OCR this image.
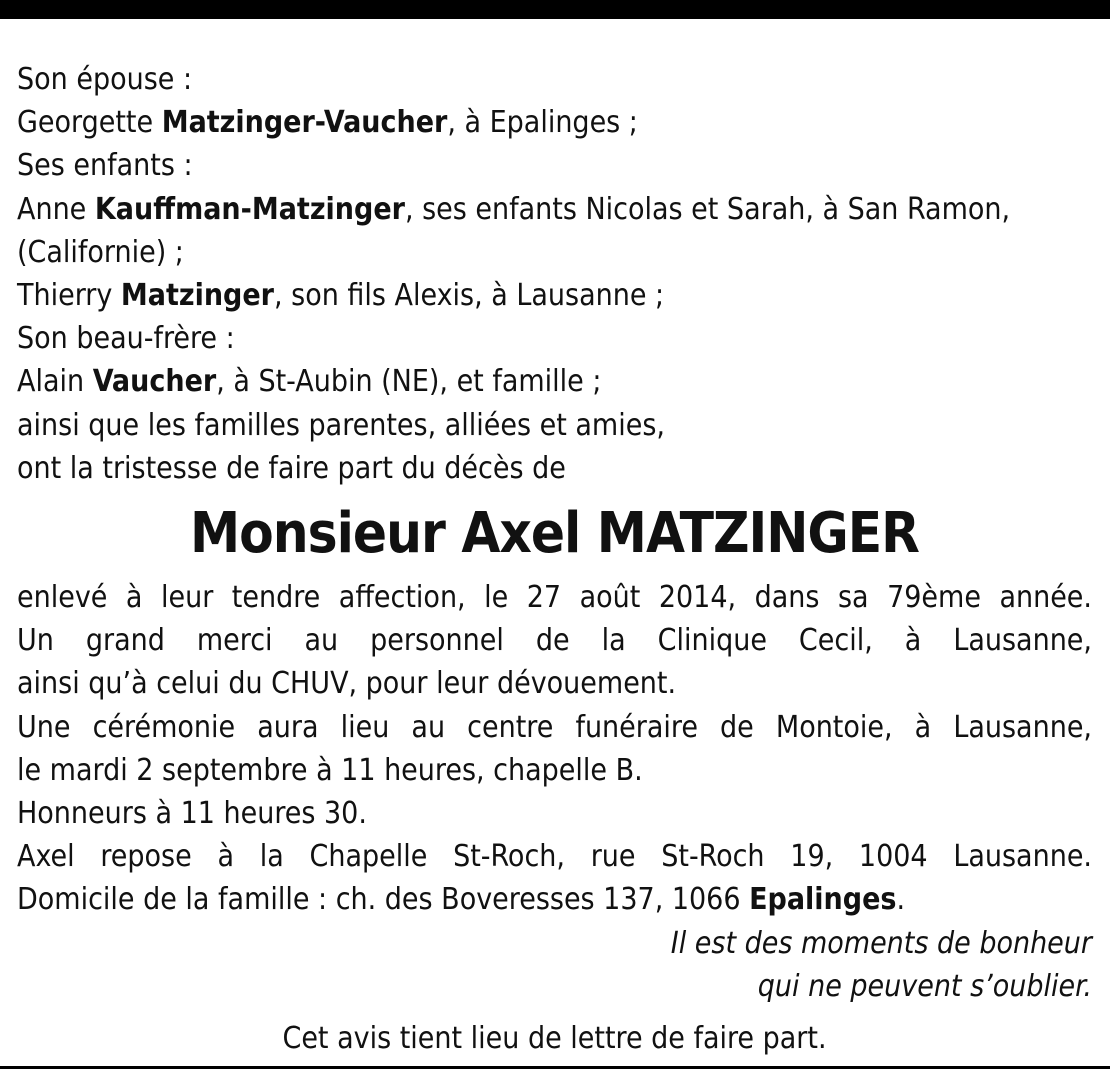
Son épouse :
Georgette Matzinger-Vaucher, à Epalinges ;
Ses enfants :
Anne Kauffman-Matzinger, ses enfants Nicolas et Sarah, à San Ramon,
(Californie) ;
Thierry Matzinger, son fils Alexis, à Lausanne ;
Son beau-frère :
Alain Vaucher, à St-Aubin (NE), et famille ;
ainsi que les familles parentes, alliées et amies,
ont la tristesse de faire part du décès de
Monsieur Axel MATZINGER
enlevé à leur tendre affection, le 27 août 2014, dans sa 79ème année.
Un grand merci au personnel de la Clinique Cecil, à Lausanne,
ainsi qu’à celui du CHUV, pour leur dévouement.
Une cérémonie aura lieu au centre funéraire de Montoie, à Lausanne,
le mardi 2 septembre à 11 heures, chapelle B.
Honneurs à 11 heures 30.
Axel repose à la Chapelle St-Roch, rue St-Roch 19, 1004 Lausanne.
Domicile de la famille : ch. des Boveresses 137, 1066 Epalinges.
Il est des moments de bonheur
qui ne peuvent s’oublier.
Cet avis tient lieu de lettre de faire part.
